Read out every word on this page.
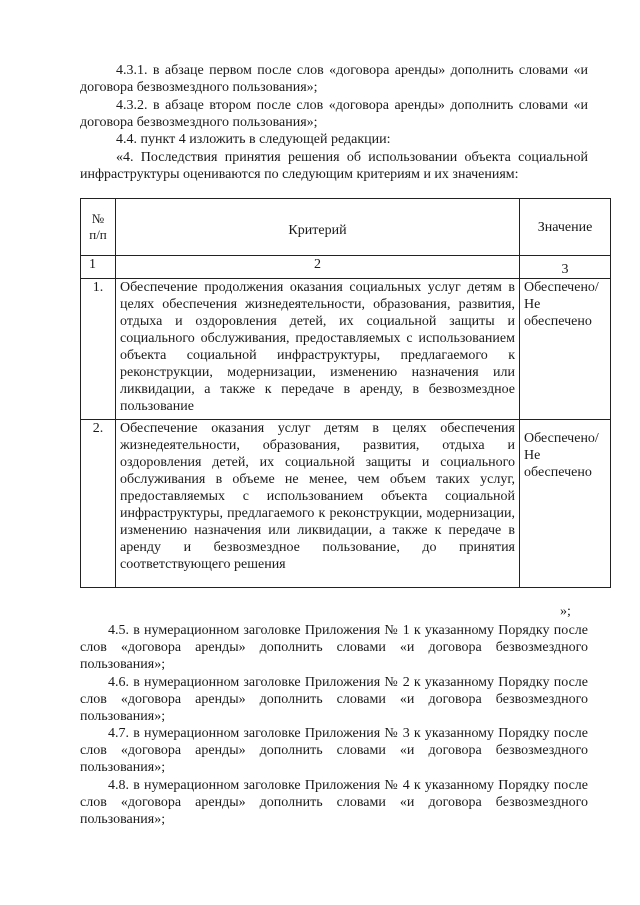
4.3.1. в абзаце первом после слов «договора аренды» дополнить словами «и договора безвозмездного пользования»;

4.3.2. в абзаце втором после слов «договора аренды» дополнить словами «и договора безвозмездного пользования»;

4.4. пункт 4 изложить в следующей редакции:

«4. Последствия принятия решения об использовании объекта социальной инфраструктуры оцениваются по следующим критериям и их значениям:

№ п/п	Критерий	Значение
1	2	3
1.	Обеспечение продолжения оказания социальных услуг детям в целях обеспечения жизнедеятельности, образования, развития, отдыха и оздоровления детей, их социальной защиты и социального обслуживания, предоставляемых с использованием объекта социальной инфраструктуры, предлагаемого к реконструкции, модернизации, изменению назначения или ликвидации, а также к передаче в аренду, в безвозмездное пользование	Обеспечено/ Не обеспечено
2.	Обеспечение оказания услуг детям в целях обеспечения жизнедеятельности, образования, развития, отдыха и оздоровления детей, их социальной защиты и социального обслуживания в объеме не менее, чем объем таких услуг, предоставляемых с использованием объекта социальной инфраструктуры, предлагаемого к реконструкции, модернизации, изменению назначения или ликвидации, а также к передаче в аренду и безвозмездное пользование, до принятия соответствующего решения	Обеспечено/ Не обеспечено
»;

4.5. в нумерационном заголовке Приложения № 1 к указанному Порядку после слов «договора аренды» дополнить словами «и договора безвозмездного пользования»;

4.6. в нумерационном заголовке Приложения № 2 к указанному Порядку после слов «договора аренды» дополнить словами «и договора безвозмездного пользования»;

4.7. в нумерационном заголовке Приложения № 3 к указанному Порядку после слов «договора аренды» дополнить словами «и договора безвозмездного пользования»;

4.8. в нумерационном заголовке Приложения № 4 к указанному Порядку после слов «договора аренды» дополнить словами «и договора безвозмездного пользования»;
